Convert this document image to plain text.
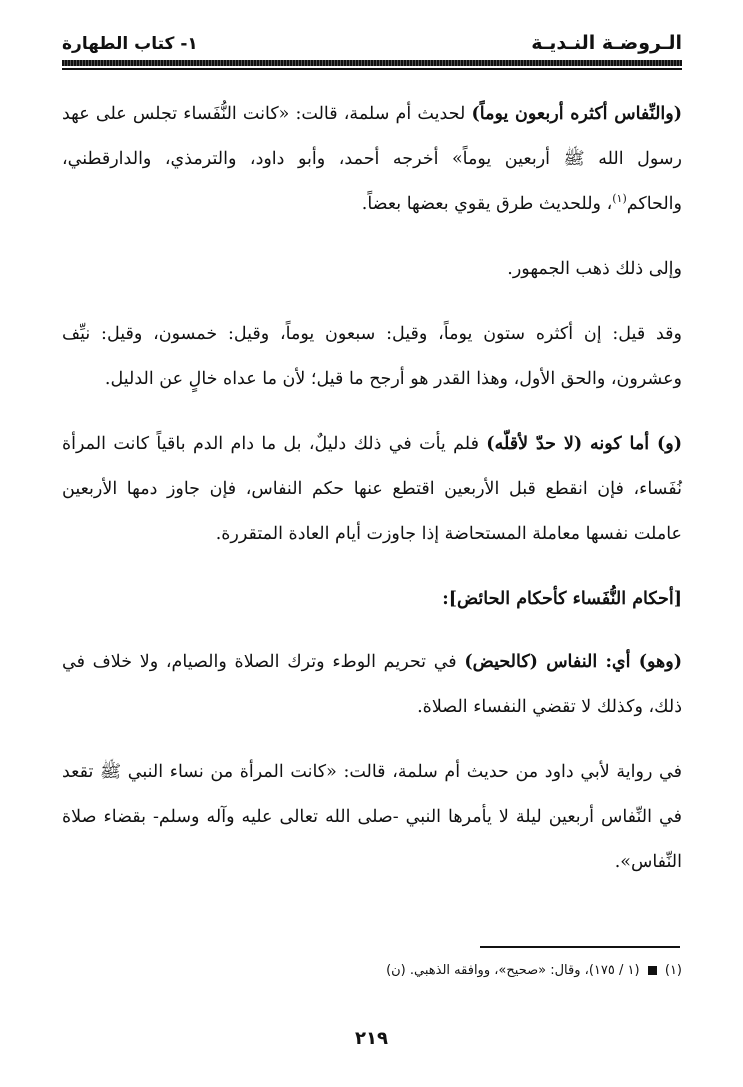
الـروضـة النـديـة
١- كتاب الطهارة

(والنِّفاس أكثره أربعون يوماً) لحديث أم سلمة، قالت: «كانت النُّفَساء تجلس على عهد رسول الله ﷺ أربعين يوماً» أخرجه أحمد، وأبو داود، والترمذي، والدارقطني، والحاكم$^{(١)}$، وللحديث طرق يقوي بعضها بعضاً.

وإلى ذلك ذهب الجمهور.

وقد قيل: إن أكثره ستون يوماً، وقيل: سبعون يوماً، وقيل: خمسون، وقيل: نيِّف وعشرون، والحق الأول، وهذا القدر هو أرجح ما قيل؛ لأن ما عداه خالٍ عن الدليل.

(و) أما كونه (لا حدّ لأقلّه) فلم يأت في ذلك دليلٌ، بل ما دام الدم باقياً كانت المرأة نُفَساء، فإن انقطع قبل الأربعين اقتطع عنها حكم النفاس، فإن جاوز دمها الأربعين عاملت نفسها معاملة المستحاضة إذا جاوزت أيام العادة المتقررة.

[أحكام النُّفَساء كأحكام الحائض]:

(وهو) أي: النفاس (كالحيض) في تحريم الوطء وترك الصلاة والصيام، ولا خلاف في ذلك، وكذلك لا تقضي النفساء الصلاة.

في رواية لأبي داود من حديث أم سلمة، قالت: «كانت المرأة من نساء النبي ﷺ تقعد في النِّفاس أربعين ليلة لا يأمرها النبي -صلى الله تعالى عليه وآله وسلم- بقضاء صلاة النِّفاس».

(١)  (١ / ١٧٥)، وقال: «صحيح»، ووافقه الذهبي. (ن)
٢١٩
